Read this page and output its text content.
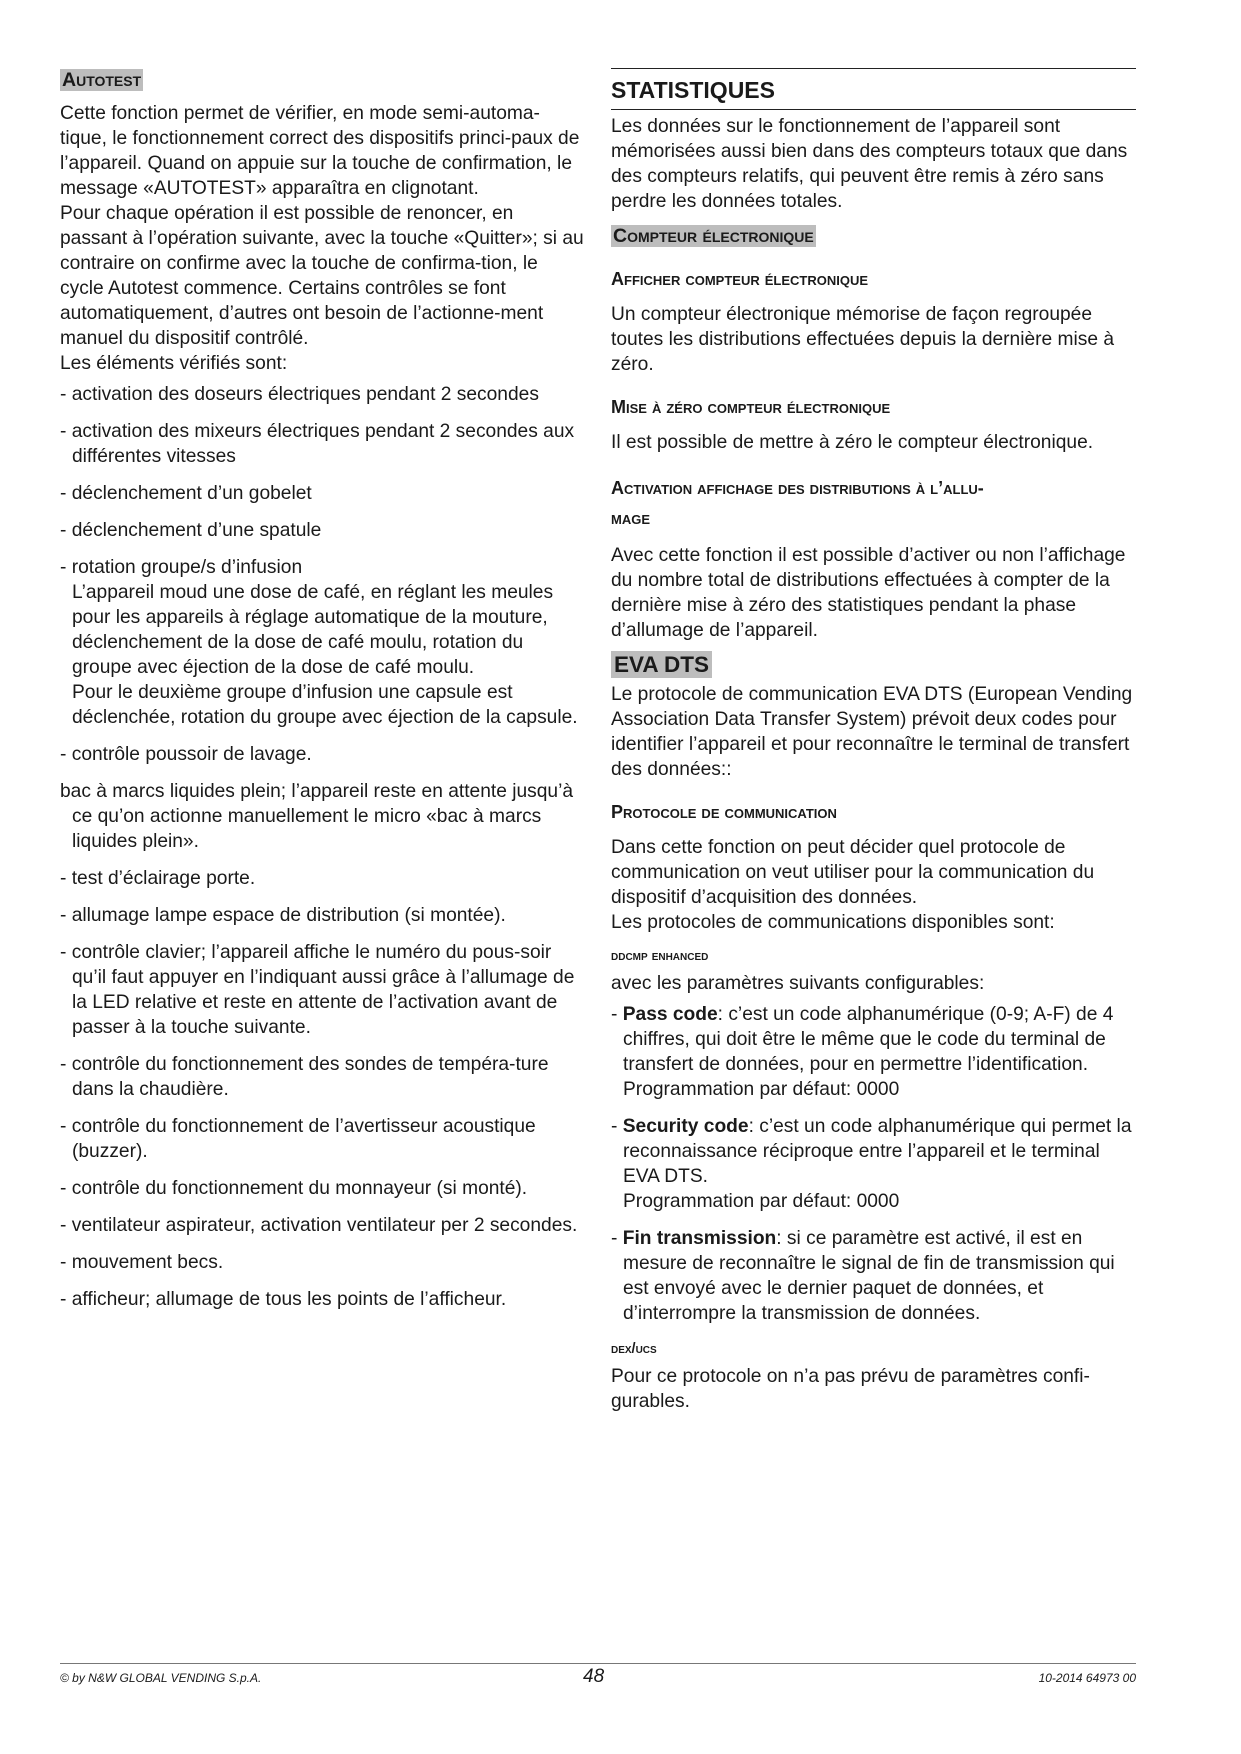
Autotest

Cette fonction permet de vérifier, en mode semi-automa-tique, le fonctionnement correct des dispositifs princi-paux de l’appareil. Quand on appuie sur la touche de confirmation, le message «AUTOTEST» apparaîtra en clignotant.

Pour chaque opération il est possible de renoncer, en passant à l’opération suivante, avec la touche «Quitter»; si au contraire on confirme avec la touche de confirma-tion, le cycle Autotest commence. Certains contrôles se font automatiquement, d’autres ont besoin de l’actionne-ment manuel du dispositif contrôlé.

Les éléments vérifiés sont:

- activation des doseurs électriques pendant 2 secondes

- activation des mixeurs électriques pendant 2 secondes aux différentes vitesses

- déclenchement d’un gobelet

- déclenchement d’une spatule

- rotation groupe/s d’infusion
L’appareil moud une dose de café, en réglant les meules pour les appareils à réglage automatique de la mouture, déclenchement de la dose de café moulu, rotation du groupe avec éjection de la dose de café moulu.
Pour le deuxième groupe d’infusion une capsule est déclenchée, rotation du groupe avec éjection de la capsule.

- contrôle poussoir de lavage.

bac à marcs liquides plein; l’appareil reste en attente jusqu’à ce qu’on actionne manuellement le micro «bac à marcs liquides plein».

- test d’éclairage porte.

- allumage lampe espace de distribution (si montée).

- contrôle clavier; l’appareil affiche le numéro du pous-soir qu’il faut appuyer en l’indiquant aussi grâce à l’allumage de la LED relative et reste en attente de l’activation avant de passer à la touche suivante.

- contrôle du fonctionnement des sondes de tempéra-ture dans la chaudière.

- contrôle du fonctionnement de l’avertisseur acoustique (buzzer).

- contrôle du fonctionnement du monnayeur (si monté).

- ventilateur aspirateur, activation ventilateur per 2 secondes.

- mouvement becs.

- afficheur; allumage de tous les points de l’afficheur.

STATISTIQUES

Les données sur le fonctionnement de l’appareil sont mémorisées aussi bien dans des compteurs totaux que dans des compteurs relatifs, qui peuvent être remis à zéro sans perdre les données totales.

Compteur électronique
Afficher compteur électronique

Un compteur électronique mémorise de façon regroupée toutes les distributions effectuées depuis la dernière mise à zéro.

Mise à zéro compteur électronique

Il est possible de mettre à zéro le compteur électronique.

Activation affichage des distributions à l’allu-
mage

Avec cette fonction il est possible d’activer ou non l’affichage du nombre total de distributions effectuées à compter de la dernière mise à zéro des statistiques pendant la phase d’allumage de l’appareil.

EVA DTS

Le protocole de communication EVA DTS (European Vending Association Data Transfer System) prévoit deux codes pour identifier l’appareil et pour reconnaître le terminal de transfert des données::

Protocole de communication

Dans cette fonction on peut décider quel protocole de communication on veut utiliser pour la communication du dispositif d’acquisition des données.

Les protocoles de communications disponibles sont:

ddcmp enhanced

avec les paramètres suivants configurables:

- Pass code: c’est un code alphanumérique (0-9; A-F) de 4 chiffres, qui doit être le même que le code du terminal de transfert de données, pour en permettre l’identification.
Programmation par défaut: 0000
- Security code: c’est un code alphanumérique qui permet la reconnaissance réciproque entre l’appareil et le terminal EVA DTS.
Programmation par défaut: 0000
- Fin transmission: si ce paramètre est activé, il est en mesure de reconnaître le signal de fin de transmission qui est envoyé avec le dernier paquet de données, et d’interrompre la transmission de données.
dex/ucs

Pour ce protocole on n’a pas prévu de paramètres confi-gurables.

© by N&W GLOBAL VENDING S.p.A.	48	10-2014 64973 00
